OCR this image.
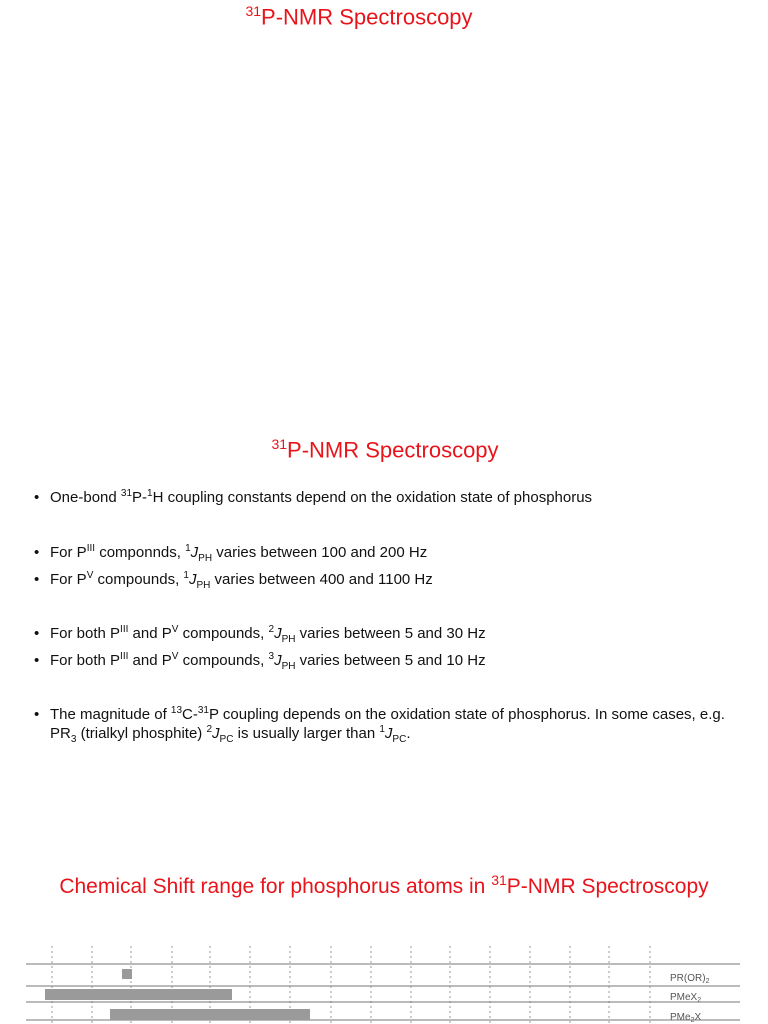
$^{31}$P-NMR Spectroscopy
$^{31}$P-NMR Spectroscopy
• One-bond $^{31}$P-$^1$H coupling constants depend on the oxidation state of phosphorus
• For $P^{III}$ componnds, $^1J_{PH}$ varies between 100 and 200 Hz
• For $P^V$ compounds, $^1J_{PH}$ varies between 400 and 1100 Hz
• For both $P^{III}$ and $P^V$ compounds, $^2J_{PH}$ varies between 5 and 30 Hz
• For both $P^{III}$ and $P^V$ compounds, $^3J_{PH}$ varies between 5 and 10 Hz
• The magnitude of $^{13}$C-$^{31}$P coupling depends on the oxidation state of phosphorus. In some cases, e.g. $PR_3$ (trialkyl phosphite) $^2J_{PC}$ is usually larger than $^1J_{PC}$.
Chemical Shift range for phosphorus atoms in $^{31}$P-NMR Spectroscopy
$PR(OR)_2$
PMeX$_2$
PMe$_2$X
